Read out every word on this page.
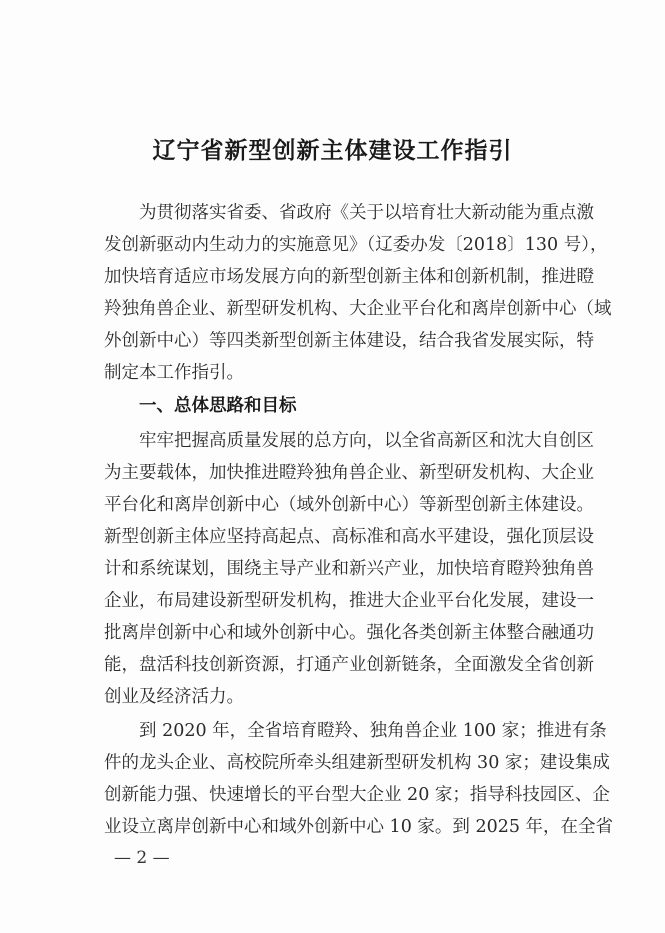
辽宁省新型创新主体建设工作指引
为贯彻落实省委、省政府《关于以培育壮大新动能为重点激
发创新驱动内生动力的实施意见》（辽委办发〔2018〕130 号），
加快培育适应市场发展方向的新型创新主体和创新机制，推进瞪
羚独角兽企业、新型研发机构、大企业平台化和离岸创新中心（域
外创新中心）等四类新型创新主体建设，结合我省发展实际，特
制定本工作指引。
一、总体思路和目标
牢牢把握高质量发展的总方向，以全省高新区和沈大自创区
为主要载体，加快推进瞪羚独角兽企业、新型研发机构、大企业
平台化和离岸创新中心（域外创新中心）等新型创新主体建设。
新型创新主体应坚持高起点、高标准和高水平建设，强化顶层设
计和系统谋划，围绕主导产业和新兴产业，加快培育瞪羚独角兽
企业，布局建设新型研发机构，推进大企业平台化发展，建设一
批离岸创新中心和域外创新中心。强化各类创新主体整合融通功
能，盘活科技创新资源，打通产业创新链条，全面激发全省创新
创业及经济活力。
到 2020 年，全省培育瞪羚、独角兽企业 100 家；推进有条
件的龙头企业、高校院所牵头组建新型研发机构 30 家；建设集成
创新能力强、快速增长的平台型大企业 20 家；指导科技园区、企
业设立离岸创新中心和域外创新中心 10 家。到 2025 年，在全省
— 2 —
